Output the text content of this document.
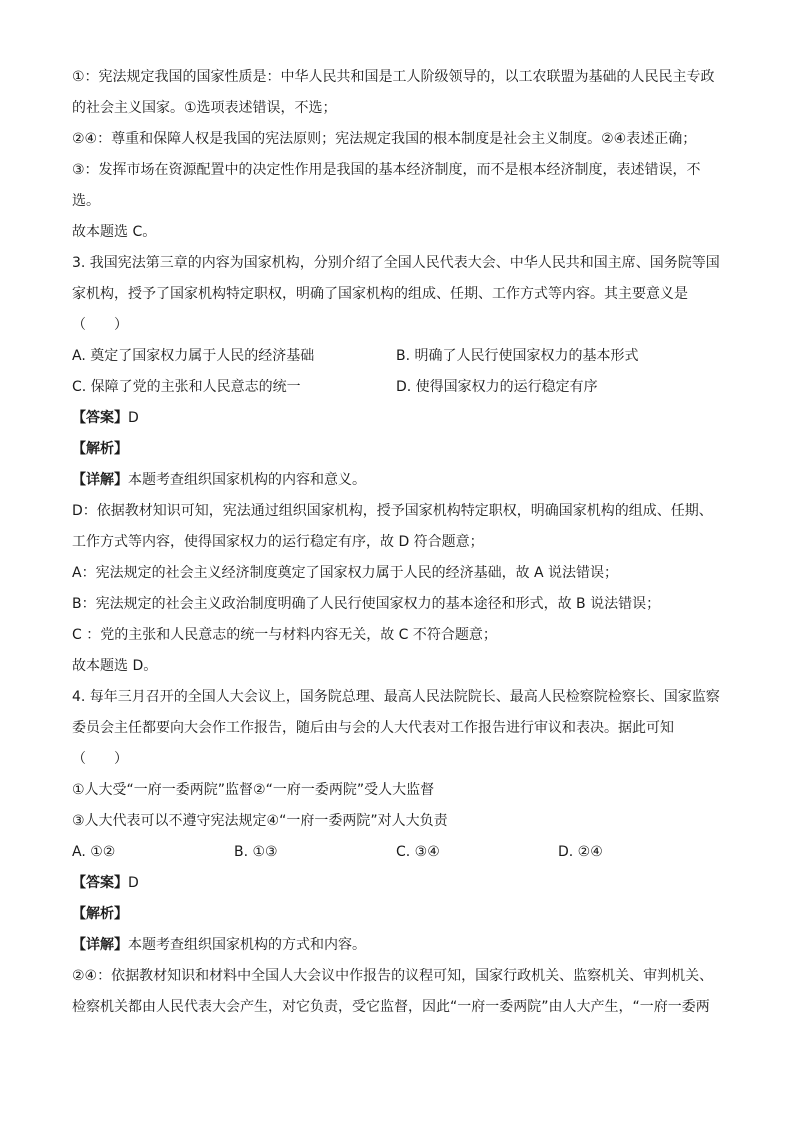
①：宪法规定我国的国家性质是：中华人民共和国是工人阶级领导的，以工农联盟为基础的人民民主专政
的社会主义国家。①选项表述错误，不选；
②④：尊重和保障人权是我国的宪法原则；宪法规定我国的根本制度是社会主义制度。②④表述正确；
③：发挥市场在资源配置中的决定性作用是我国的基本经济制度，而不是根本经济制度，表述错误，不
选。
故本题选 C。
3. 我国宪法第三章的内容为国家机构，分别介绍了全国人民代表大会、中华人民共和国主席、国务院等国
家机构，授予了国家机构特定职权，明确了国家机构的组成、任期、工作方式等内容。其主要意义是
（　　）
A. 奠定了国家权力属于人民的经济基础	B. 明确了人民行使国家权力的基本形式
C. 保障了党的主张和人民意志的统一	D. 使得国家权力的运行稳定有序
【答案】D
【解析】
【详解】本题考查组织国家机构的内容和意义。
D：依据教材知识可知，宪法通过组织国家机构，授予国家机构特定职权，明确国家机构的组成、任期、
工作方式等内容，使得国家权力的运行稳定有序，故 D 符合题意；
A：宪法规定的社会主义经济制度奠定了国家权力属于人民的经济基础，故 A 说法错误；
B：宪法规定的社会主义政治制度明确了人民行使国家权力的基本途径和形式，故 B 说法错误；
C ：党的主张和人民意志的统一与材料内容无关，故 C 不符合题意；
故本题选 D。
4. 每年三月召开的全国人大会议上，国务院总理、最高人民法院院长、最高人民检察院检察长、国家监察
委员会主任都要向大会作工作报告，随后由与会的人大代表对工作报告进行审议和表决。据此可知
（　　）
①人大受“一府一委两院”监督②“一府一委两院”受人大监督
③人大代表可以不遵守宪法规定④“一府一委两院”对人大负责
A. ①②	B. ①③	C. ③④	D. ②④
【答案】D
【解析】
【详解】本题考查组织国家机构的方式和内容。
②④：依据教材知识和材料中全国人大会议中作报告的议程可知，国家行政机关、监察机关、审判机关、
检察机关都由人民代表大会产生，对它负责，受它监督，因此“一府一委两院”由人大产生，“一府一委两
